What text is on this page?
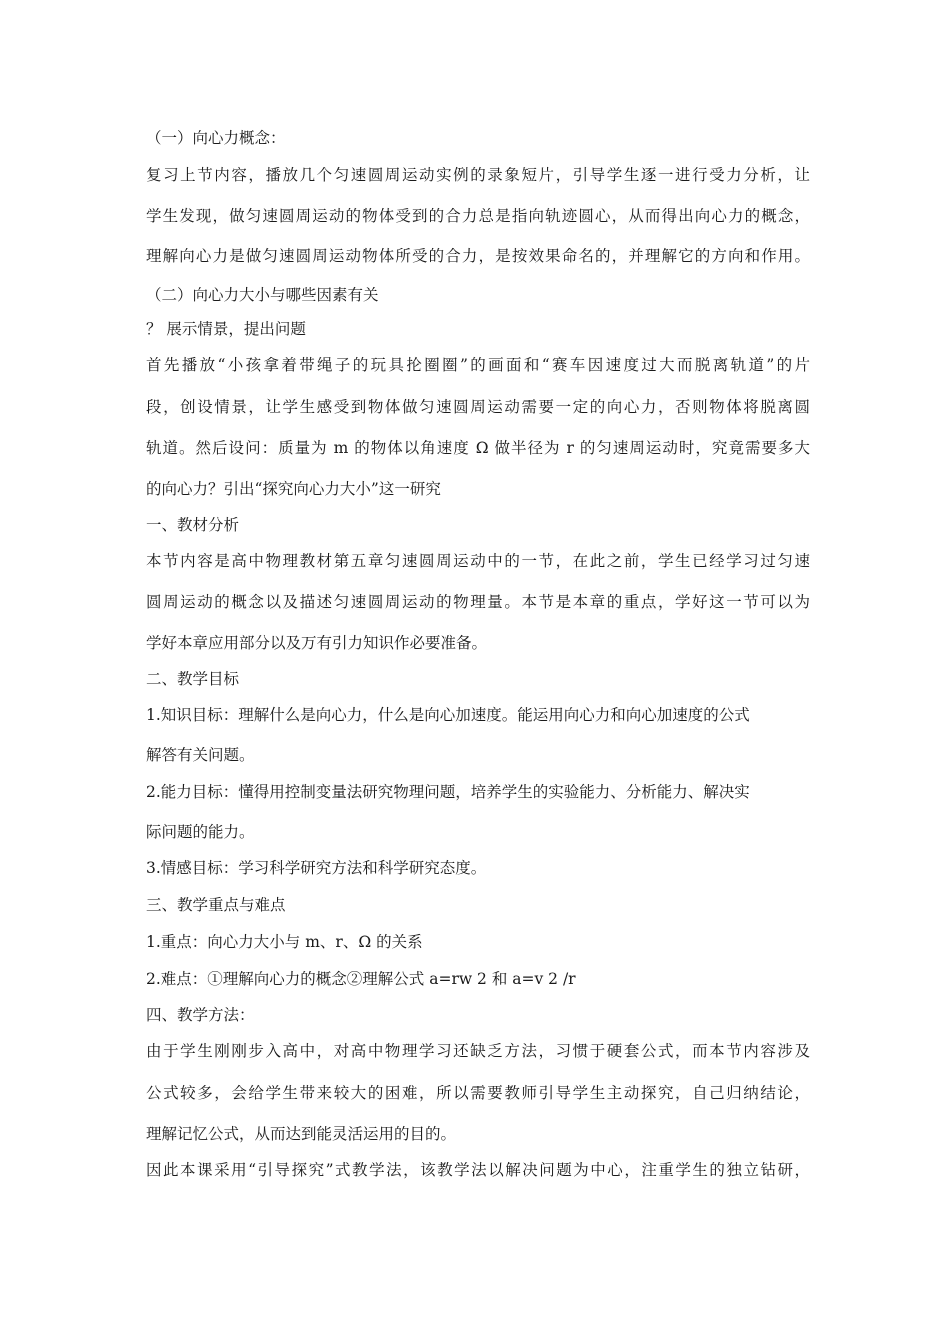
（一）向心力概念：
复习上节内容，播放几个匀速圆周运动实例的录象短片，引导学生逐一进行受力分析，让
学生发现，做匀速圆周运动的物体受到的合力总是指向轨迹圆心，从而得出向心力的概念，
理解向心力是做匀速圆周运动物体所受的合力，是按效果命名的，并理解它的方向和作用。
（二）向心力大小与哪些因素有关
？ 展示情景，提出问题
首先播放“小孩拿着带绳子的玩具抡圈圈”的画面和“赛车因速度过大而脱离轨道”的片
段，创设情景，让学生感受到物体做匀速圆周运动需要一定的向心力，否则物体将脱离圆
轨道。然后设问：质量为 m 的物体以角速度 Ω 做半径为 r 的匀速周运动时，究竟需要多大
的向心力？引出“探究向心力大小”这一研究
一、教材分析
本节内容是高中物理教材第五章匀速圆周运动中的一节，在此之前，学生已经学习过匀速
圆周运动的概念以及描述匀速圆周运动的物理量。本节是本章的重点，学好这一节可以为
学好本章应用部分以及万有引力知识作必要准备。
二、教学目标
1.知识目标：理解什么是向心力，什么是向心加速度。能运用向心力和向心加速度的公式
解答有关问题。
2.能力目标：懂得用控制变量法研究物理问题，培养学生的实验能力、分析能力、解决实
际问题的能力。
3.情感目标：学习科学研究方法和科学研究态度。
三、教学重点与难点
1.重点：向心力大小与 m、r、Ω 的关系
2.难点：①理解向心力的概念②理解公式 a=rw 2 和 a=v 2 /r
四、教学方法：
由于学生刚刚步入高中，对高中物理学习还缺乏方法，习惯于硬套公式，而本节内容涉及
公式较多，会给学生带来较大的困难，所以需要教师引导学生主动探究，自己归纳结论，
理解记忆公式，从而达到能灵活运用的目的。
因此本课采用“引导探究”式教学法，该教学法以解决问题为中心，注重学生的独立钻研，
